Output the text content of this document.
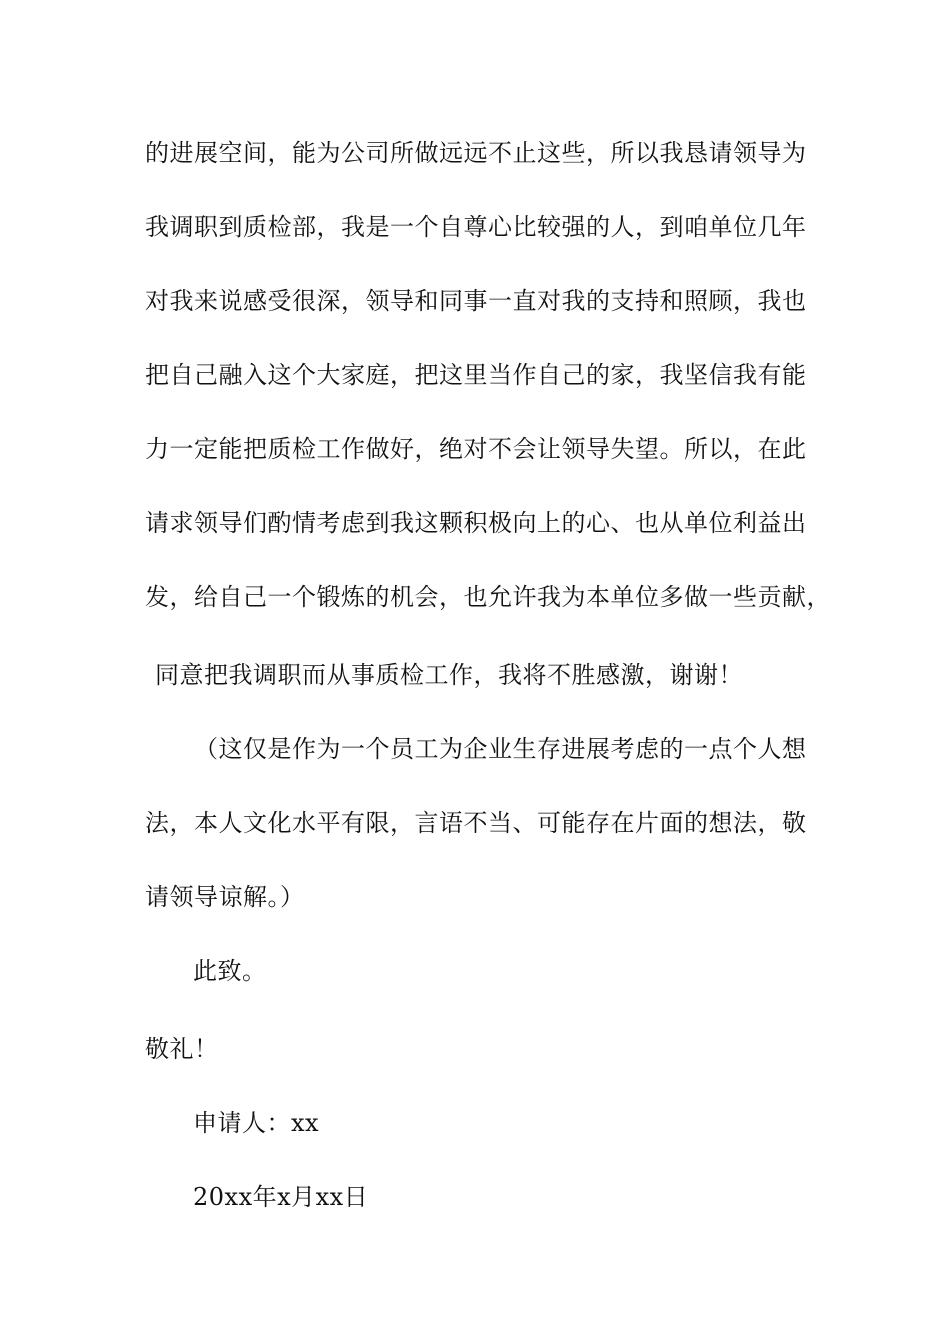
的进展空间，能为公司所做远远不止这些，所以我恳请领导为
我调职到质检部，我是一个自尊心比较强的人，到咱单位几年
对我来说感受很深，领导和同事一直对我的支持和照顾，我也
把自己融入这个大家庭，把这里当作自己的家，我坚信我有能
力一定能把质检工作做好，绝对不会让领导失望。所以，在此
请求领导们酌情考虑到我这颗积极向上的心、也从单位利益出
发，给自己一个锻炼的机会，也允许我为本单位多做一些贡献，
同意把我调职而从事质检工作，我将不胜感激，谢谢！
（这仅是作为一个员工为企业生存进展考虑的一点个人想
法，本人文化水平有限，言语不当、可能存在片面的想法，敬
请领导谅解。）
此致。
敬礼！
申请人：xx
20xx年x月xx日
